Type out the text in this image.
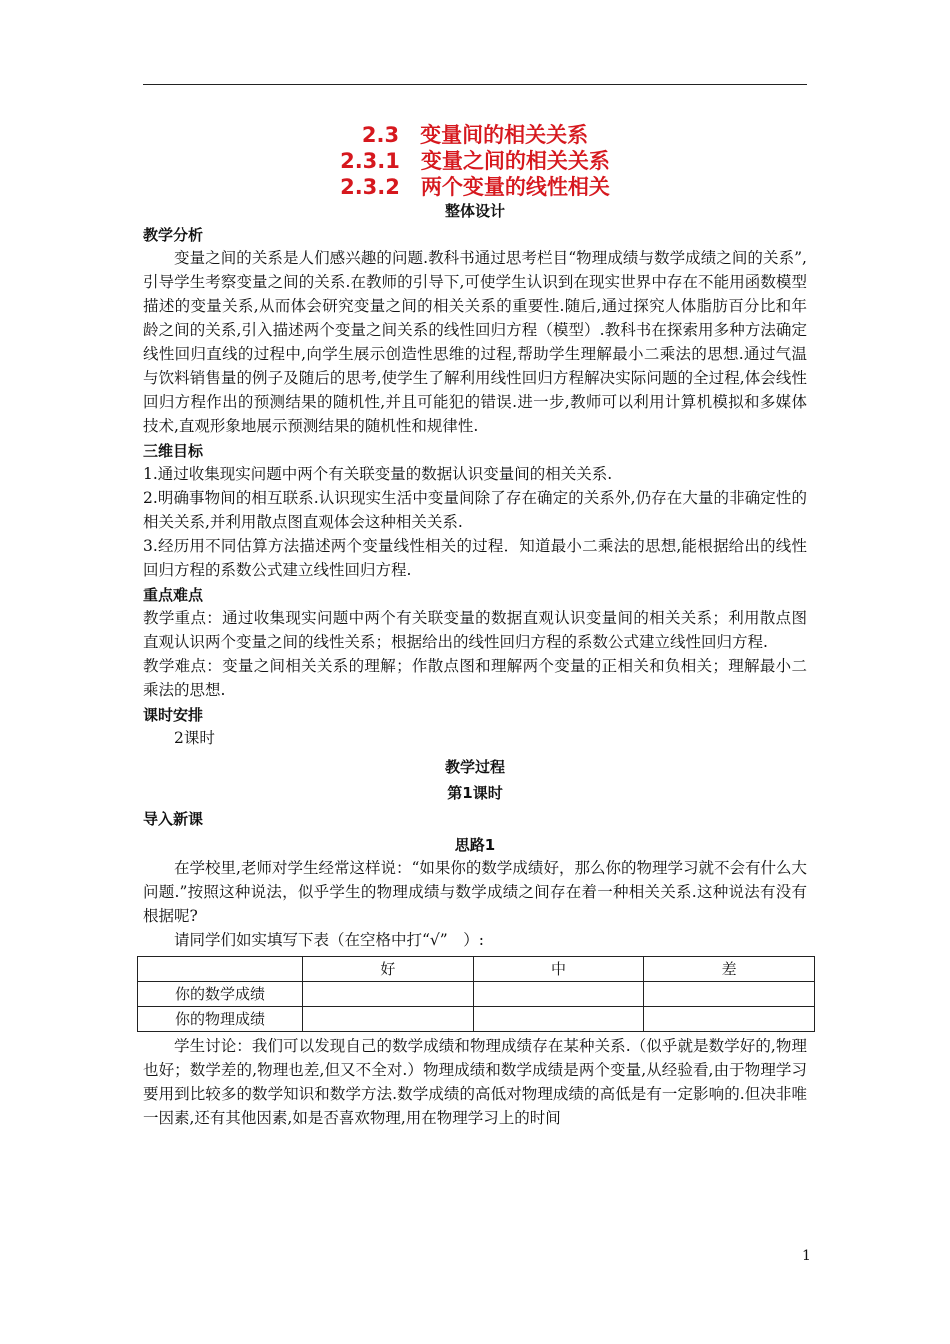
2.3　变量间的相关关系
2.3.1　变量之间的相关关系
2.3.2　两个变量的线性相关
整体设计
教学分析

变量之间的关系是人们感兴趣的问题.教科书通过思考栏目“物理成绩与数学成绩之间的关系”,引导学生考察变量之间的关系.在教师的引导下,可使学生认识到在现实世界中存在不能用函数模型描述的变量关系,从而体会研究变量之间的相关关系的重要性.随后,通过探究人体脂肪百分比和年龄之间的关系,引入描述两个变量之间关系的线性回归方程（模型）.教科书在探索用多种方法确定线性回归直线的过程中,向学生展示创造性思维的过程,帮助学生理解最小二乘法的思想.通过气温与饮料销售量的例子及随后的思考,使学生了解利用线性回归方程解决实际问题的全过程,体会线性回归方程作出的预测结果的随机性,并且可能犯的错误.进一步,教师可以利用计算机模拟和多媒体技术,直观形象地展示预测结果的随机性和规律性.

三维目标

1.通过收集现实问题中两个有关联变量的数据认识变量间的相关关系.

2.明确事物间的相互联系.认识现实生活中变量间除了存在确定的关系外,仍存在大量的非确定性的相关关系,并利用散点图直观体会这种相关关系.

3.经历用不同估算方法描述两个变量线性相关的过程．知道最小二乘法的思想,能根据给出的线性回归方程的系数公式建立线性回归方程.

重点难点

教学重点：通过收集现实问题中两个有关联变量的数据直观认识变量间的相关关系；利用散点图直观认识两个变量之间的线性关系；根据给出的线性回归方程的系数公式建立线性回归方程.

教学难点：变量之间相关关系的理解；作散点图和理解两个变量的正相关和负相关；理解最小二乘法的思想.

课时安排

2课时

教学过程
第1课时
导入新课
思路1

在学校里,老师对学生经常这样说：“如果你的数学成绩好，那么你的物理学习就不会有什么大问题.”按照这种说法，似乎学生的物理成绩与数学成绩之间存在着一种相关关系.这种说法有没有根据呢?

请同学们如实填写下表（在空格中打“√”　）:

	好	中	差
你的数学成绩			
你的物理成绩			

学生讨论：我们可以发现自己的数学成绩和物理成绩存在某种关系.（似乎就是数学好的,物理也好；数学差的,物理也差,但又不全对.）物理成绩和数学成绩是两个变量,从经验看,由于物理学习要用到比较多的数学知识和数学方法.数学成绩的高低对物理成绩的高低是有一定影响的.但决非唯一因素,还有其他因素,如是否喜欢物理,用在物理学习上的时间

1
